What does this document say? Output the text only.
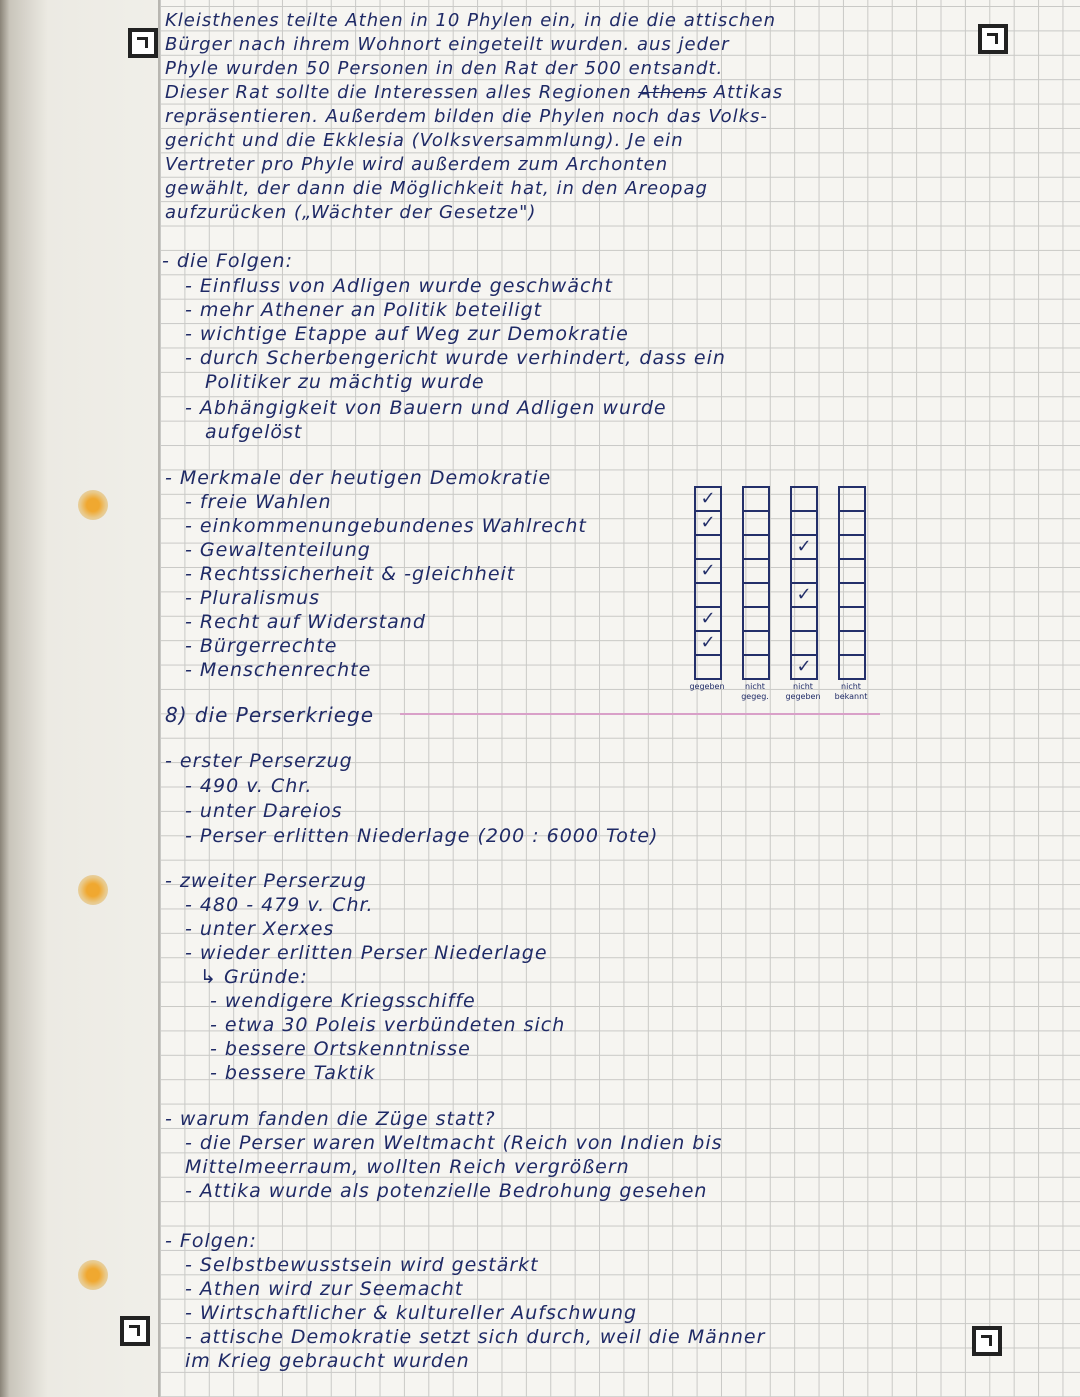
Kleisthenes teilte Athen in 10 Phylen ein, in die die attischen
Bürger nach ihrem Wohnort eingeteilt wurden. aus jeder
Phyle wurden 50 Personen in den Rat der 500 entsandt.
Dieser Rat sollte die Interessen alles Regionen Athens Attikas
repräsentieren. Außerdem bilden die Phylen noch das Volks-
gericht und die Ekklesia (Volksversammlung). Je ein
Vertreter pro Phyle wird außerdem zum Archonten
gewählt, der dann die Möglichkeit hat, in den Areopag
aufzurücken („Wächter der Gesetze")
- die Folgen:
- Einfluss von Adligen wurde geschwächt
- mehr Athener an Politik beteiligt
- wichtige Etappe auf Weg zur Demokratie
- durch Scherbengericht wurde verhindert, dass ein
Politiker zu mächtig wurde
- Abhängigkeit von Bauern und Adligen wurde
aufgelöst
- Merkmale der heutigen Demokratie
- freie Wahlen
- einkommenungebundenes Wahlrecht
- Gewaltenteilung
- Rechtssicherheit & -gleichheit
- Pluralismus
- Recht auf Widerstand
- Bürgerrechte
- Menschenrechte
8) die Perserkriege
- erster Perserzug
- 490 v. Chr.
- unter Dareios
- Perser erlitten Niederlage (200 : 6000 Tote)
- zweiter Perserzug
- 480 - 479 v. Chr.
- unter Xerxes
- wieder erlitten Perser Niederlage
↳ Gründe:
- wendigere Kriegsschiffe
- etwa 30 Poleis verbündeten sich
- bessere Ortskenntnisse
- bessere Taktik
- warum fanden die Züge statt?
- die Perser waren Weltmacht (Reich von Indien bis
Mittelmeerraum, wollten Reich vergrößern
- Attika wurde als potenzielle Bedrohung gesehen
- Folgen:
- Selbstbewusstsein wird gestärkt
- Athen wird zur Seemacht
- Wirtschaftlicher & kultureller Aufschwung
- attische Demokratie setzt sich durch, weil die Männer
im Krieg gebraucht wurden
✓
✓
✓
✓
✓
gegeben	nicht gegeg.
✓
✓
✓
nicht gegeben
nicht bekannt
